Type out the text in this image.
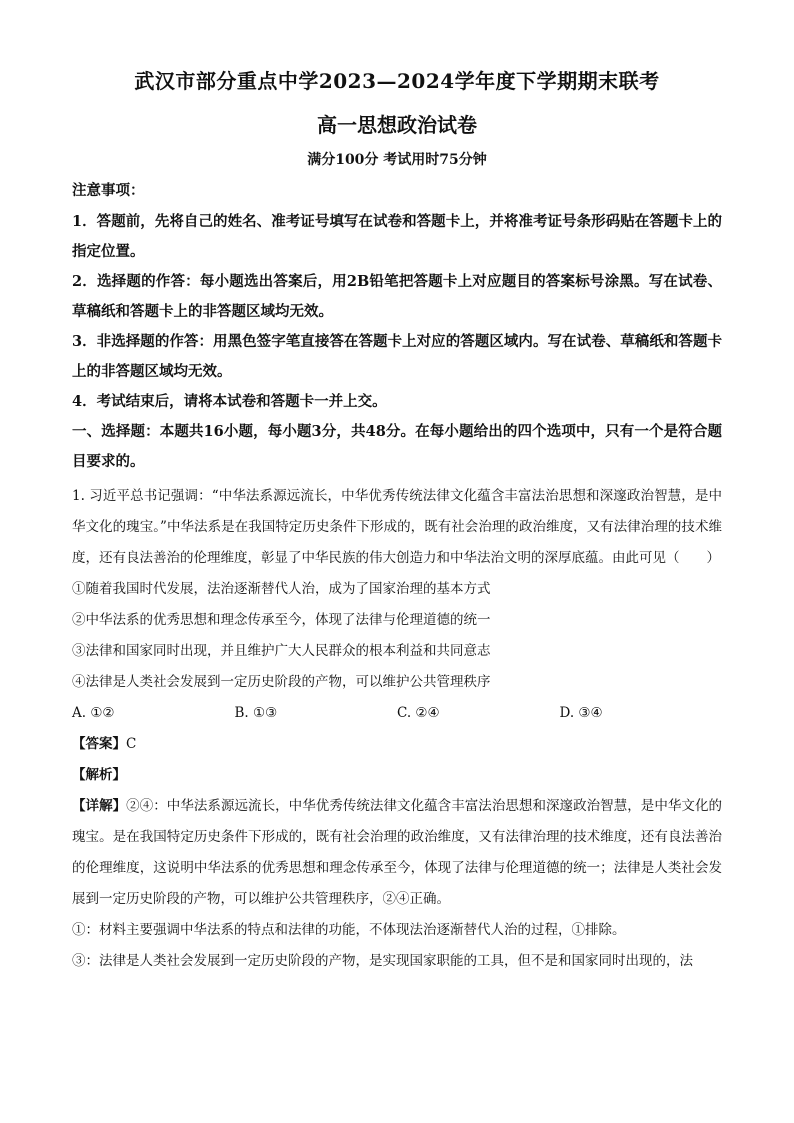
武汉市部分重点中学2023—2024学年度下学期期末联考

高一思想政治试卷

满分100分 考试用时75分钟

注意事项：

1．答题前，先将自己的姓名、准考证号填写在试卷和答题卡上，并将准考证号条形码贴在答题卡上的指定位置。

2．选择题的作答：每小题选出答案后，用2B铅笔把答题卡上对应题目的答案标号涂黑。写在试卷、草稿纸和答题卡上的非答题区域均无效。

3．非选择题的作答：用黑色签字笔直接答在答题卡上对应的答题区域内。写在试卷、草稿纸和答题卡上的非答题区域均无效。

4．考试结束后，请将本试卷和答题卡一并上交。

一、选择题：本题共16小题，每小题3分，共48分。在每小题给出的四个选项中，只有一个是符合题目要求的。

1. 习近平总书记强调：“中华法系源远流长，中华优秀传统法律文化蕴含丰富法治思想和深邃政治智慧，是中华文化的瑰宝。”中华法系是在我国特定历史条件下形成的，既有社会治理的政治维度，又有法律治理的技术维度，还有良法善治的伦理维度，彰显了中华民族的伟大创造力和中华法治文明的深厚底蕴。由此可见（　　）

①随着我国时代发展，法治逐渐替代人治，成为了国家治理的基本方式

②中华法系的优秀思想和理念传承至今，体现了法律与伦理道德的统一

③法律和国家同时出现，并且维护广大人民群众的根本利益和共同意志

④法律是人类社会发展到一定历史阶段的产物，可以维护公共管理秩序

A. ①②	B. ①③	C. ②④	D. ③④

【答案】C

【解析】

【详解】②④：中华法系源远流长，中华优秀传统法律文化蕴含丰富法治思想和深邃政治智慧，是中华文化的瑰宝。是在我国特定历史条件下形成的，既有社会治理的政治维度，又有法律治理的技术维度，还有良法善治的伦理维度，这说明中华法系的优秀思想和理念传承至今，体现了法律与伦理道德的统一；法律是人类社会发展到一定历史阶段的产物，可以维护公共管理秩序，②④正确。

①：材料主要强调中华法系的特点和法律的功能，不体现法治逐渐替代人治的过程，①排除。

③：法律是人类社会发展到一定历史阶段的产物，是实现国家职能的工具，但不是和国家同时出现的，法
